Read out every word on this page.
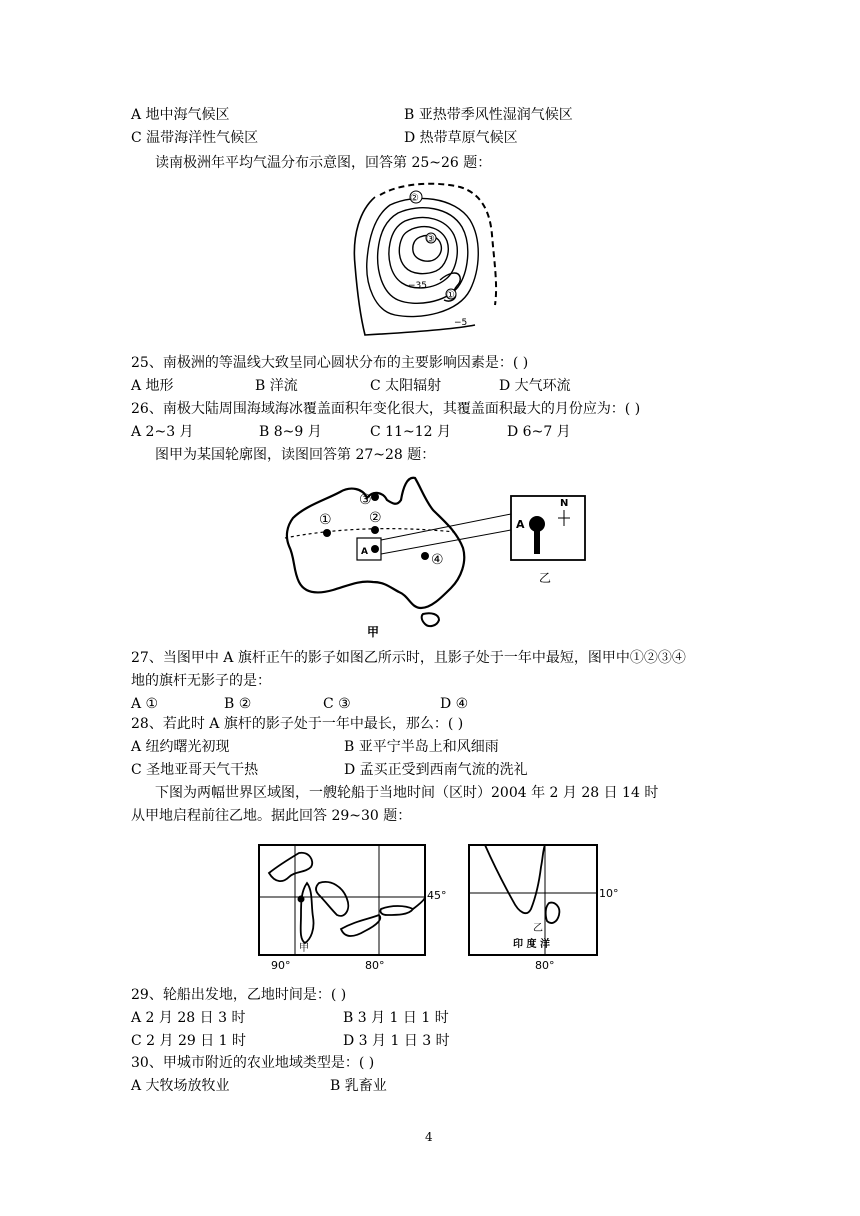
A 地中海气候区	B 亚热带季风性湿润气候区
C 温带海洋性气候区	D 热带草原气候区
读南极洲年平均气温分布示意图，回答第 25~26 题：
①
②
③
−35
−5
25、南极洲的等温线大致呈同心圆状分布的主要影响因素是：( )
A 地形	B 洋流	C 太阳辐射	D 大气环流
26、南极大陆周围海域海冰覆盖面积年变化很大，其覆盖面积最大的月份应为：( )
A 2~3 月	B 8~9 月	C 11~12 月	D 6~7 月
图甲为某国轮廓图，读图回答第 27~28 题：
①	②
③
④
A
A
N
甲
乙
27、当图甲中 A 旗杆正午的影子如图乙所示时，且影子处于一年中最短，图甲中①②③④
地的旗杆无影子的是：
A ①	B ②	C ③	D ④
28、若此时 A 旗杆的影子处于一年中最长，那么：( )
A 纽约曙光初现	B 亚平宁半岛上和风细雨
C 圣地亚哥天气干热	D 孟买正受到西南气流的洗礼
下图为两幅世界区域图，一艘轮船于当地时间（区时）2004 年 2 月 28 日 14 时
从甲地启程前往乙地。据此回答 29~30 题：
甲
45°
90°	80°
10°
乙
印 度 洋
80°
29、轮船出发地，乙地时间是：( )
A 2 月 28 日 3 时	B 3 月 1 日 1 时
C 2 月 29 日 1 时	D 3 月 1 日 3 时
30、甲城市附近的农业地域类型是：( )
A 大牧场放牧业	B 乳畜业
4
